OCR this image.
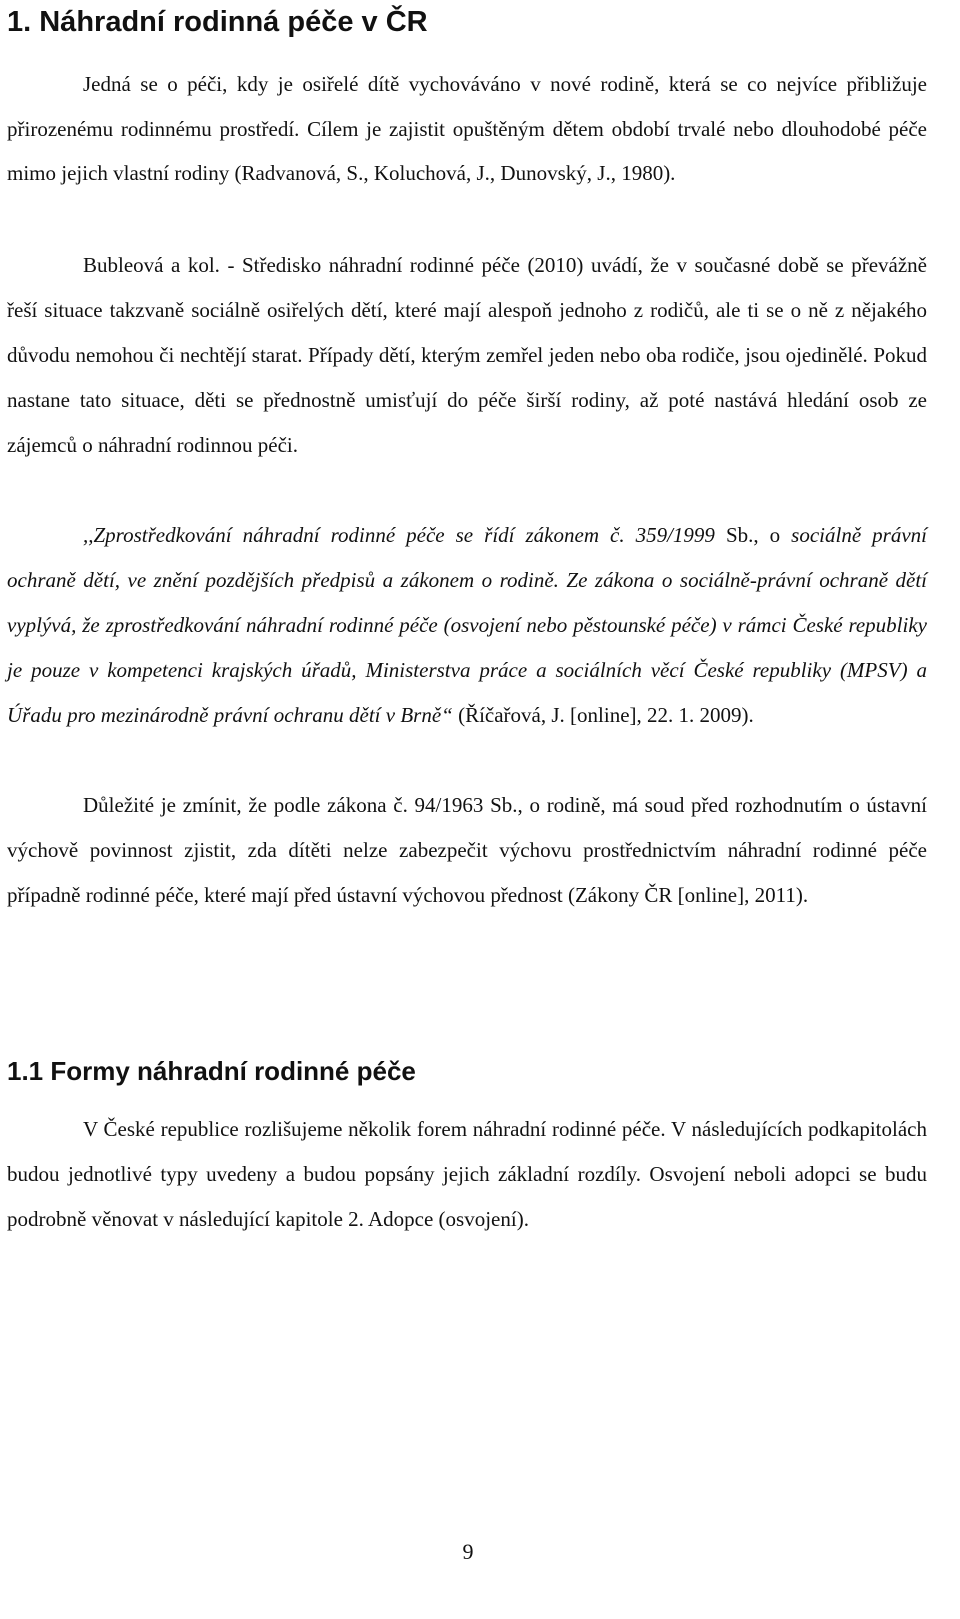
1. Náhradní rodinná péče v ČR

Jedná se o péči, kdy je osiřelé dítě vychováváno v nové rodině, která se co nejvíce přibližuje přirozenému rodinnému prostředí. Cílem je zajistit opuštěným dětem období trvalé nebo dlouhodobé péče mimo jejich vlastní rodiny (Radvanová, S., Koluchová, J., Dunovský, J., 1980).

Bubleová a kol. - Středisko náhradní rodinné péče (2010) uvádí, že v současné době se převážně řeší situace takzvaně sociálně osiřelých dětí, které mají alespoň jednoho z rodičů, ale ti se o ně z nějakého důvodu nemohou či nechtějí starat. Případy dětí, kterým zemřel jeden nebo oba rodiče, jsou ojedinělé. Pokud nastane tato situace, děti se přednostně umisťují do péče širší rodiny, až poté nastává hledání osob ze zájemců o náhradní rodinnou péči.

,,Zprostředkování náhradní rodinné péče se řídí zákonem č. 359/1999 Sb., o sociálně právní ochraně dětí, ve znění pozdějších předpisů a zákonem o rodině. Ze zákona o sociálně-právní ochraně dětí vyplývá, že zprostředkování náhradní rodinné péče (osvojení nebo pěstounské péče) v rámci České republiky je pouze v kompetenci krajských úřadů, Ministerstva práce a sociálních věcí České republiky (MPSV) a Úřadu pro mezinárodně právní ochranu dětí v Brně“ (Říčařová, J. [online], 22. 1. 2009).

Důležité je zmínit, že podle zákona č. 94/1963 Sb., o rodině, má soud před rozhodnutím o ústavní výchově povinnost zjistit, zda dítěti nelze zabezpečit výchovu prostřednictvím náhradní rodinné péče případně rodinné péče, které mají před ústavní výchovou přednost (Zákony ČR [online], 2011).

1.1 Formy náhradní rodinné péče

V České republice rozlišujeme několik forem náhradní rodinné péče. V následujících podkapitolách budou jednotlivé typy uvedeny a budou popsány jejich základní rozdíly. Osvojení neboli adopci se budu podrobně věnovat v následující kapitole 2. Adopce (osvojení).

9
